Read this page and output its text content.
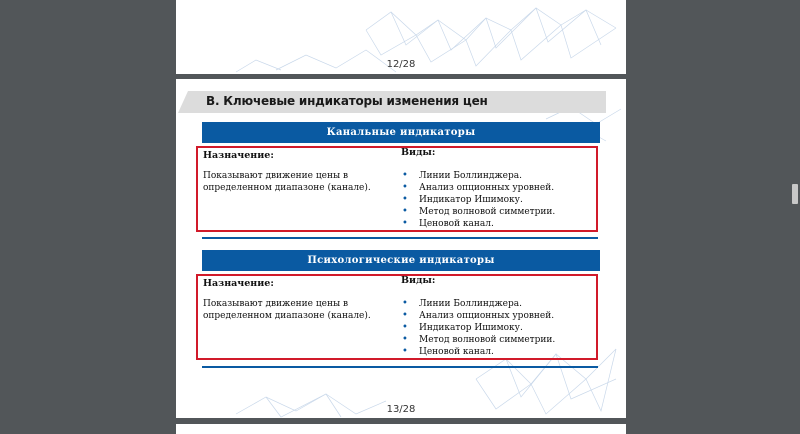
12/28
В. Ключевые индикаторы изменения цен
Канальные индикаторы
Назначение:
Показывают движение цены в определенном диапазоне (канале).
Виды:
• Линии Боллинджера.
• Анализ опционных уровней.
• Индикатор Ишимоку.
• Метод волновой симметрии.
• Ценовой канал.
Психологические индикаторы
Назначение:
Показывают движение цены в определенном диапазоне (канале).
Виды:
• Линии Боллинджера.
• Анализ опционных уровней.
• Индикатор Ишимоку.
• Метод волновой симметрии.
• Ценовой канал.
13/28
